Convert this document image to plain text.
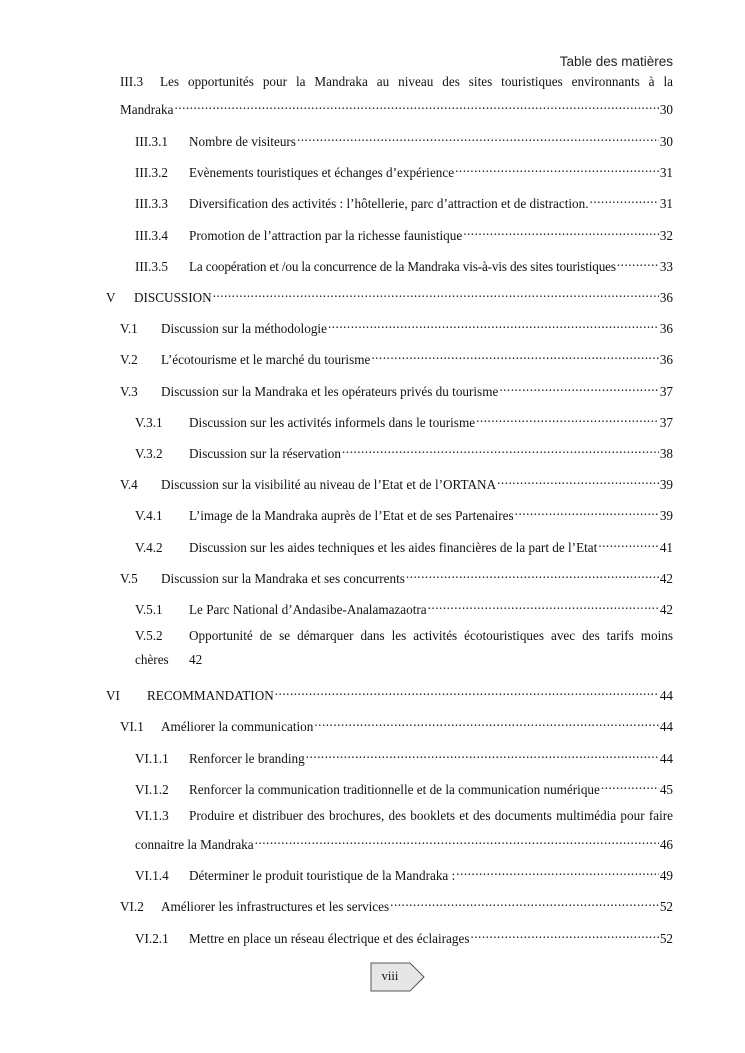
Table des matières
III.3 Les opportunités pour la Mandraka au niveau des sites touristiques environnants à la
Mandraka .....	30
III.3.1	Nombre de visiteurs .....	30
III.3.2	Evènements touristiques et échanges d’expérience .....	31
III.3.3	Diversification des activités : l’hôtellerie, parc d’attraction et de distraction. .....	31
III.3.4	Promotion de l’attraction par la richesse faunistique .....	32
III.3.5	La coopération et /ou la concurrence de la Mandraka vis-à-vis des sites touristiques .....	33
V	DISCUSSION .....	36
V.1	Discussion sur la méthodologie .....	36
V.2	L’écotourisme et le marché du tourisme .....	36
V.3	Discussion sur la Mandraka et les opérateurs privés du tourisme .....	37
V.3.1	Discussion sur les activités informels dans le tourisme .....	37
V.3.2	Discussion sur la réservation .....	38
V.4	Discussion sur la visibilité au niveau de l’Etat et de l’ORTANA .....	39
V.4.1	L’image de la Mandraka auprès de l’Etat et de ses Partenaires .....	39
V.4.2	Discussion sur les aides techniques et les aides financières de la part de l’Etat .....	41
V.5	Discussion sur la Mandraka et ses concurrents .....	42
V.5.1	Le Parc National d’Andasibe-Analamazaotra .....	42
V.5.2 Opportunité de se démarquer dans les activités écotouristiques avec des tarifs moins
chères 42
VI	RECOMMANDATION .....	44
VI.1	Améliorer la communication .....	44
VI.1.1	Renforcer le branding .....	44
VI.1.2	Renforcer la communication traditionnelle et de la communication numérique .....	45
VI.1.3 Produire et distribuer des brochures, des booklets et des documents multimédia pour faire
connaitre la Mandraka .....	46
VI.1.4	Déterminer le produit touristique de la Mandraka : .....	49
VI.2	Améliorer les infrastructures et les services .....	52
VI.2.1	Mettre en place un réseau électrique et des éclairages .....	52
viii
